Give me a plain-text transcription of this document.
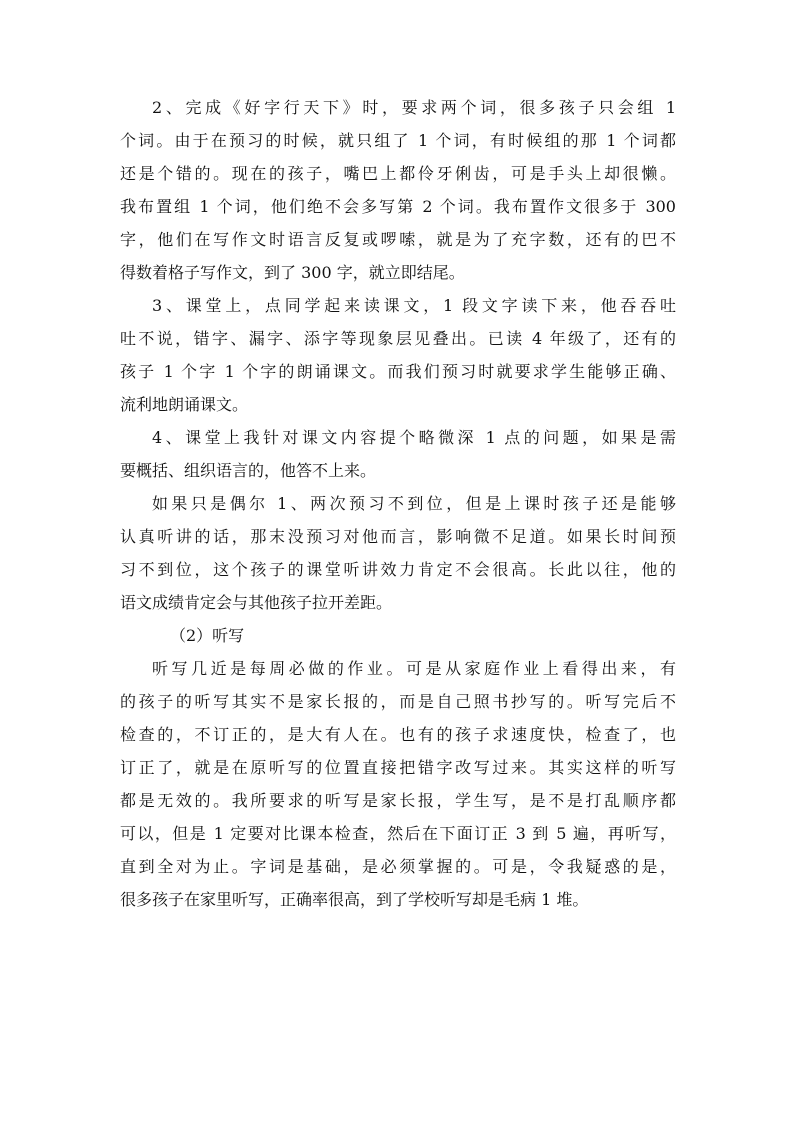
2、完成《好字行天下》时，要求两个词，很多孩子只会组 1
个词。由于在预习的时候，就只组了 1 个词，有时候组的那 1 个词都
还是个错的。现在的孩子，嘴巴上都伶牙俐齿，可是手头上却很懒。
我布置组 1 个词，他们绝不会多写第 2 个词。我布置作文很多于 300
字，他们在写作文时语言反复或啰嗦，就是为了充字数，还有的巴不
得数着格子写作文，到了 300 字，就立即结尾。
3、课堂上，点同学起来读课文，1 段文字读下来，他吞吞吐
吐不说，错字、漏字、添字等现象层见叠出。已读 4 年级了，还有的
孩子 1 个字 1 个字的朗诵课文。而我们预习时就要求学生能够正确、
流利地朗诵课文。
4、课堂上我针对课文内容提个略微深 1 点的问题，如果是需
要概括、组织语言的，他答不上来。
如果只是偶尔 1、两次预习不到位，但是上课时孩子还是能够
认真听讲的话，那末没预习对他而言，影响微不足道。如果长时间预
习不到位，这个孩子的课堂听讲效力肯定不会很高。长此以往，他的
语文成绩肯定会与其他孩子拉开差距。
（2）听写
听写几近是每周必做的作业。可是从家庭作业上看得出来，有
的孩子的听写其实不是家长报的，而是自己照书抄写的。听写完后不
检查的，不订正的，是大有人在。也有的孩子求速度快，检查了，也
订正了，就是在原听写的位置直接把错字改写过来。其实这样的听写
都是无效的。我所要求的听写是家长报，学生写，是不是打乱顺序都
可以，但是 1 定要对比课本检查，然后在下面订正 3 到 5 遍，再听写，
直到全对为止。字词是基础，是必须掌握的。可是，令我疑惑的是，
很多孩子在家里听写，正确率很高，到了学校听写却是毛病 1 堆。
